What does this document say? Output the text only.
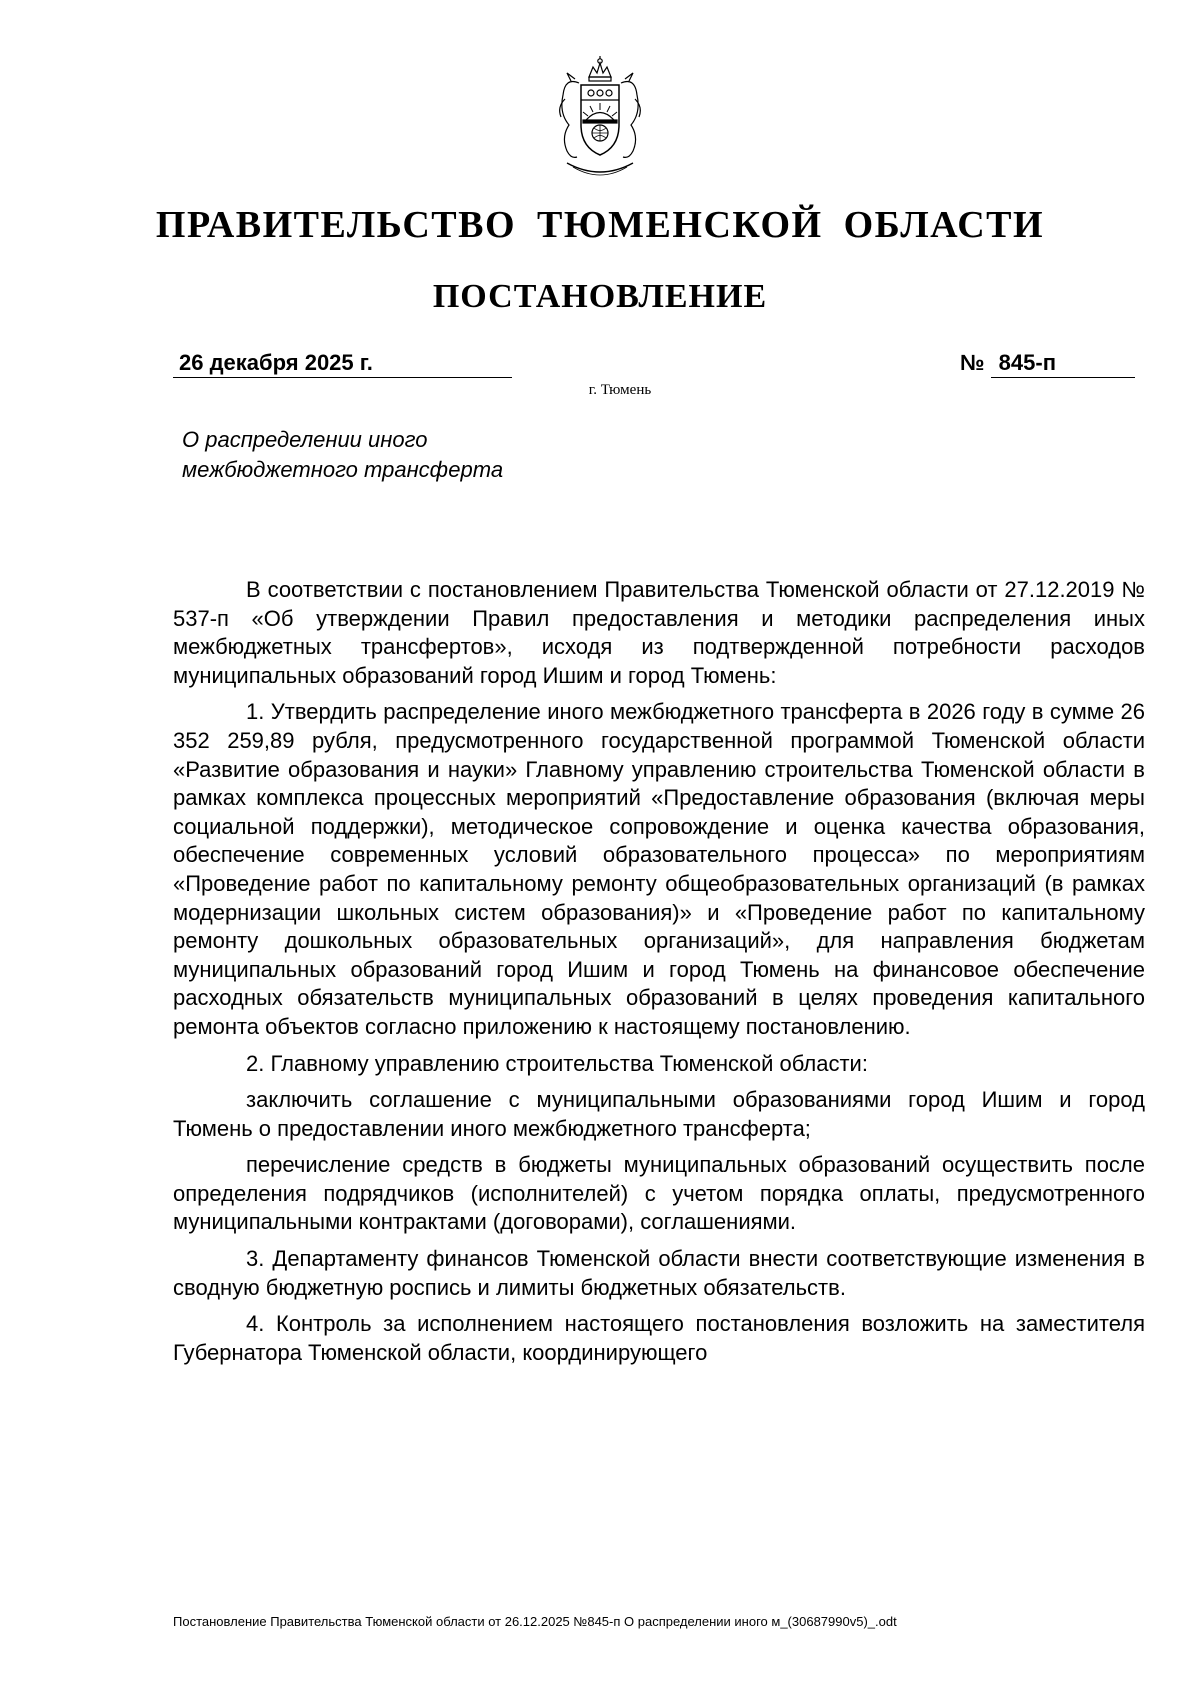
ПРАВИТЕЛЬСТВО ТЮМЕНСКОЙ ОБЛАСТИ
ПОСТАНОВЛЕНИЕ
26 декабря 2025 г.	№ 845-п
г. Тюмень
О распределении иного
межбюджетного трансферта

В соответствии с постановлением Правительства Тюменской области от 27.12.2019 № 537-п «Об утверждении Правил предоставления и методики распределения иных межбюджетных трансфертов», исходя из подтвержденной потребности расходов муниципальных образований город Ишим и город Тюмень:

1. Утвердить распределение иного межбюджетного трансферта в 2026 году в сумме 26 352 259,89 рубля, предусмотренного государственной программой Тюменской области «Развитие образования и науки» Главному управлению строительства Тюменской области в рамках комплекса процессных мероприятий «Предоставление образования (включая меры социальной поддержки), методическое сопровождение и оценка качества образования, обеспечение современных условий образовательного процесса» по мероприятиям «Проведение работ по капитальному ремонту общеобразовательных организаций (в рамках модернизации школьных систем образования)» и «Проведение работ по капитальному ремонту дошкольных образовательных организаций», для направления бюджетам муниципальных образований город Ишим и город Тюмень на финансовое обеспечение расходных обязательств муниципальных образований в целях проведения капитального ремонта объектов согласно приложению к настоящему постановлению.

2. Главному управлению строительства Тюменской области:

заключить соглашение с муниципальными образованиями город Ишим и город Тюмень о предоставлении иного межбюджетного трансферта;

перечисление средств в бюджеты муниципальных образований осуществить после определения подрядчиков (исполнителей) с учетом порядка оплаты, предусмотренного муниципальными контрактами (договорами), соглашениями.

3. Департаменту финансов Тюменской области внести соответствующие изменения в сводную бюджетную роспись и лимиты бюджетных обязательств.

4. Контроль за исполнением настоящего постановления возложить на заместителя Губернатора Тюменской области, координирующего

Постановление Правительства Тюменской области от 26.12.2025 №845-п О распределении иного м_(30687990v5)_.odt
